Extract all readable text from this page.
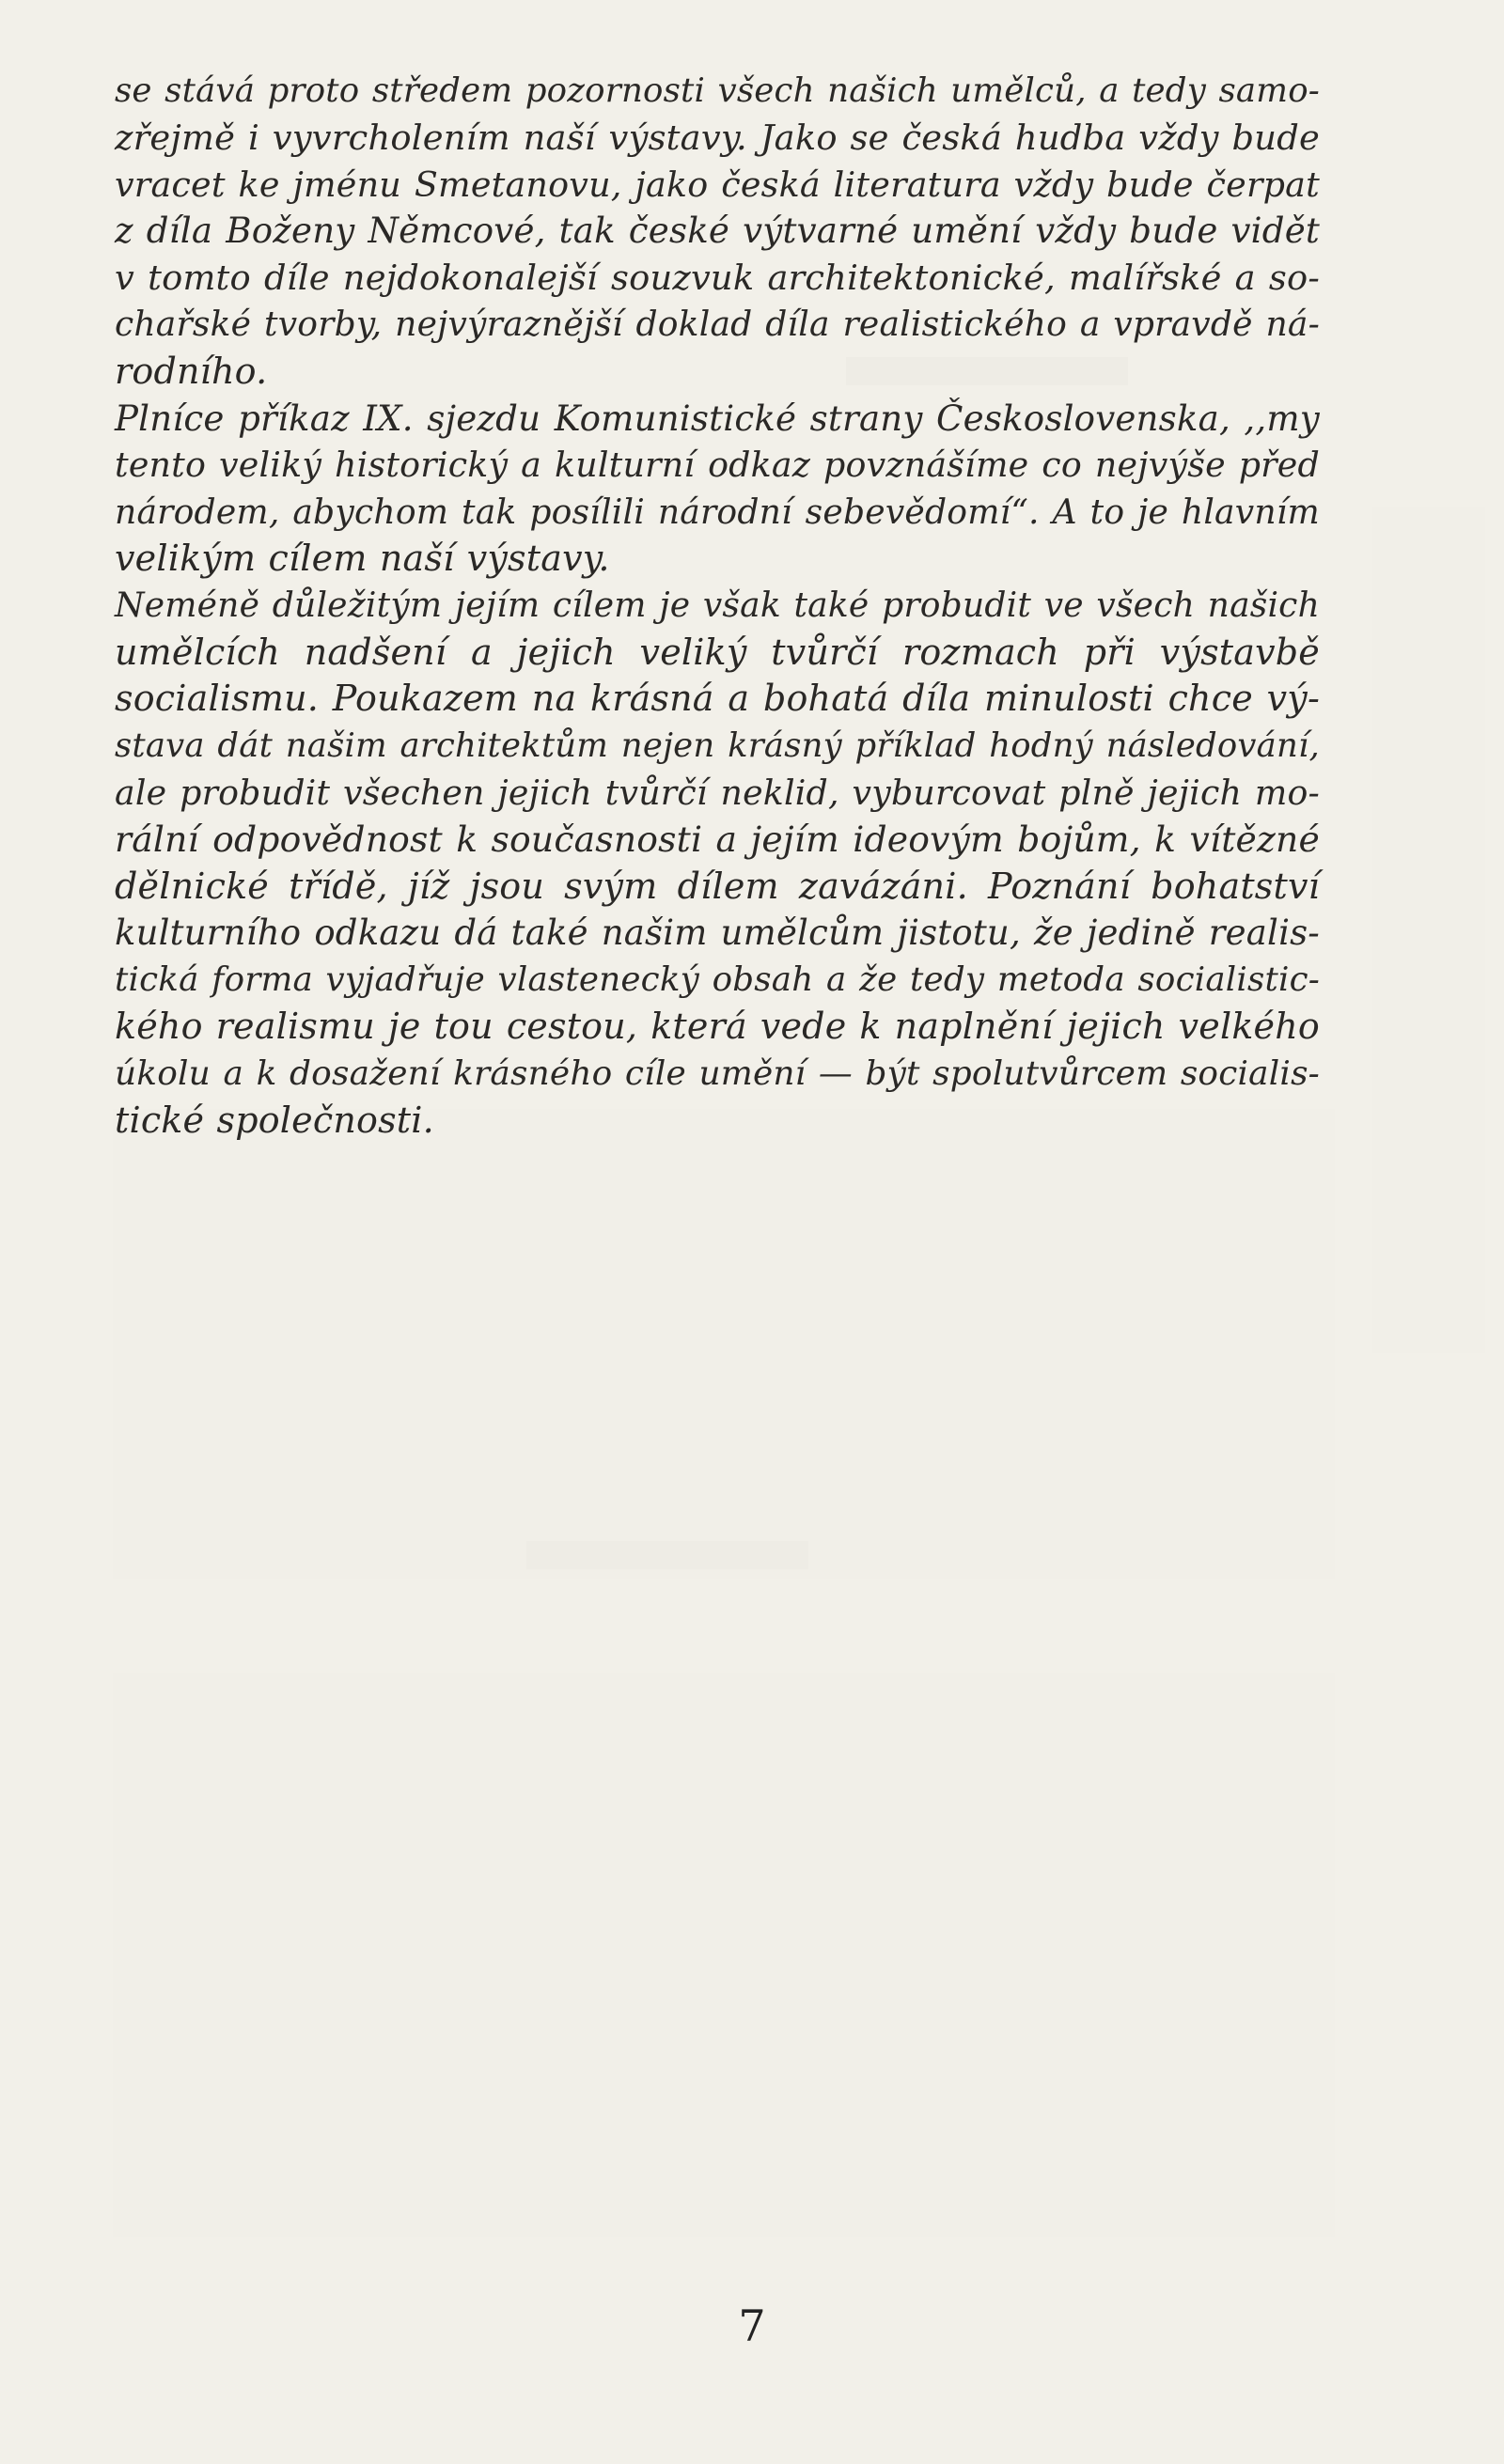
se stává proto středem pozornosti všech našich umělců, a tedy samo-
zřejmě i vyvrcholením naší výstavy. Jako se česká hudba vždy bude
vracet ke jménu Smetanovu, jako česká literatura vždy bude čerpat
z díla Boženy Němcové, tak české výtvarné umění vždy bude vidět
v tomto díle nejdokonalejší souzvuk architektonické, malířské a so-
chařské tvorby, nejvýraznější doklad díla realistického a vpravdě ná-
rodního.
Plníce příkaz IX. sjezdu Komunistické strany Československa, ,,my
tento veliký historický a kulturní odkaz povznášíme co nejvýše před
národem, abychom tak posílili národní sebevědomí“. A to je hlavním
velikým cílem naší výstavy.
Neméně důležitým jejím cílem je však také probudit ve všech našich
umělcích nadšení a jejich veliký tvůrčí rozmach při výstavbě
socialismu. Poukazem na krásná a bohatá díla minulosti chce vý-
stava dát našim architektům nejen krásný příklad hodný následování,
ale probudit všechen jejich tvůrčí neklid, vyburcovat plně jejich mo-
rální odpovědnost k současnosti a jejím ideovým bojům, k vítězné
dělnické třídě, jíž jsou svým dílem zavázáni. Poznání bohatství
kulturního odkazu dá také našim umělcům jistotu, že jedině realis-
tická forma vyjadřuje vlastenecký obsah a že tedy metoda socialistic-
kého realismu je tou cestou, která vede k naplnění jejich velkého
úkolu a k dosažení krásného cíle umění — být spolutvůrcem socialis-
tické společnosti.
7
